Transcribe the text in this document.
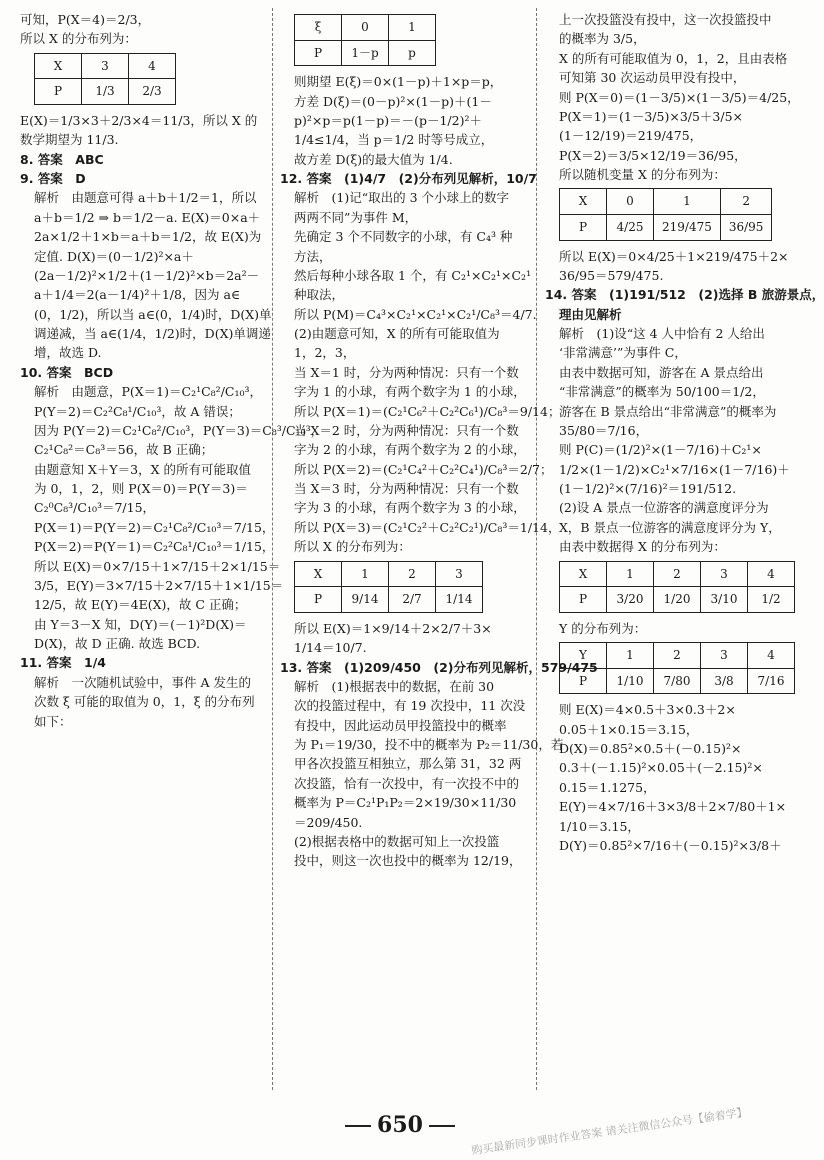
可知，P(X＝4)＝2/3，
所以 X 的分布列为：
X	3	4
P	1/3	2/3
E(X)＝1/3×3＋2/3×4＝11/3，所以 X 的
数学期望为 11/3.
8. 答案　ABC
9. 答案　D
解析　由题意可得 a＋b＋1/2＝1，所以
a＋b＝1/2 ⇒ b＝1/2－a. E(X)＝0×a＋
2a×1/2＋1×b＝a＋b＝1/2，故 E(X)为
定值. D(X)＝(0－1/2)²×a＋
(2a－1/2)²×1/2＋(1－1/2)²×b＝2a²－
a＋1/4＝2(a－1/4)²＋1/8，因为 a∈
(0，1/2)，所以当 a∈(0，1/4)时，D(X)单
调递减，当 a∈(1/4，1/2)时，D(X)单调递
增，故选 D.
10. 答案　BCD
解析　由题意，P(X＝1)＝C₂¹C₈²/C₁₀³，
P(Y＝2)＝C₂²C₈¹/C₁₀³，故 A 错误；
因为 P(Y＝2)＝C₂¹C₈²/C₁₀³，P(Y＝3)＝C₈³/C₁₀³，
C₂¹C₈²＝C₈³＝56，故 B 正确；
由题意知 X＋Y＝3，X 的所有可能取值
为 0，1，2，则 P(X＝0)＝P(Y＝3)＝
C₂⁰C₈³/C₁₀³＝7/15，
P(X＝1)＝P(Y＝2)＝C₂¹C₈²/C₁₀³＝7/15，
P(X＝2)＝P(Y＝1)＝C₂²C₈¹/C₁₀³＝1/15，
所以 E(X)＝0×7/15＋1×7/15＋2×1/15＝
3/5，E(Y)＝3×7/15＋2×7/15＋1×1/15＝
12/5，故 E(Y)＝4E(X)，故 C 正确；
由 Y＝3－X 知，D(Y)＝(－1)²D(X)＝
D(X)，故 D 正确. 故选 BCD.
11. 答案　1/4
解析　一次随机试验中，事件 A 发生的
次数 ξ 可能的取值为 0，1，ξ 的分布列
如下：
ξ	0	1
P	1－p	p
则期望 E(ξ)＝0×(1－p)＋1×p＝p，
方差 D(ξ)＝(0－p)²×(1－p)＋(1－
p)²×p＝p(1－p)＝－(p－1/2)²＋
1/4≤1/4，当 p＝1/2 时等号成立，
故方差 D(ξ)的最大值为 1/4.
12. 答案　(1)4/7　(2)分布列见解析，10/7
解析　(1)记“取出的 3 个小球上的数字
两两不同”为事件 M，
先确定 3 个不同数字的小球，有 C₄³ 种
方法，
然后每种小球各取 1 个，有 C₂¹×C₂¹×C₂¹
种取法，
所以 P(M)＝C₄³×C₂¹×C₂¹×C₂¹/C₈³＝4/7.
(2)由题意可知，X 的所有可能取值为
1，2，3，
当 X＝1 时，分为两种情况：只有一个数
字为 1 的小球，有两个数字为 1 的小球，
所以 P(X＝1)＝(C₂¹C₆²＋C₂²C₆¹)/C₈³＝9/14；
当 X＝2 时，分为两种情况：只有一个数
字为 2 的小球，有两个数字为 2 的小球，
所以 P(X＝2)＝(C₂¹C₄²＋C₂²C₄¹)/C₈³＝2/7；
当 X＝3 时，分为两种情况：只有一个数
字为 3 的小球，有两个数字为 3 的小球，
所以 P(X＝3)＝(C₂¹C₂²＋C₂²C₂¹)/C₈³＝1/14，
所以 X 的分布列为：
X	1	2	3
P	9/14	2/7	1/14
所以 E(X)＝1×9/14＋2×2/7＋3×
1/14＝10/7.
13. 答案　(1)209/450　(2)分布列见解析，579/475
解析　(1)根据表中的数据，在前 30
次的投篮过程中，有 19 次投中，11 次没
有投中，因此运动员甲投篮投中的概率
为 P₁＝19/30，投不中的概率为 P₂＝11/30，若
甲各次投篮互相独立，那么第 31，32 两
次投篮，恰有一次投中，有一次投不中的
概率为 P＝C₂¹P₁P₂＝2×19/30×11/30
＝209/450.
(2)根据表格中的数据可知上一次投篮
投中，则这一次也投中的概率为 12/19，
上一次投篮没有投中，这一次投篮投中
的概率为 3/5，
X 的所有可能取值为 0，1，2，且由表格
可知第 30 次运动员甲没有投中，
则 P(X＝0)＝(1－3/5)×(1－3/5)＝4/25，
P(X＝1)＝(1－3/5)×3/5＋3/5×
(1－12/19)＝219/475，
P(X＝2)＝3/5×12/19＝36/95，
所以随机变量 X 的分布列为：
X	0	1	2
P	4/25	219/475	36/95
所以 E(X)＝0×4/25＋1×219/475＋2×
36/95＝579/475.
14. 答案　(1)191/512　(2)选择 B 旅游景点，
理由见解析
解析　(1)设“这 4 人中恰有 2 人给出
‘非常满意’”为事件 C，
由表中数据可知，游客在 A 景点给出
“非常满意”的概率为 50/100＝1/2，
游客在 B 景点给出“非常满意”的概率为
35/80＝7/16，
则 P(C)＝(1/2)²×(1－7/16)＋C₂¹×
1/2×(1－1/2)×C₂¹×7/16×(1－7/16)＋
(1－1/2)²×(7/16)²＝191/512.
(2)设 A 景点一位游客的满意度评分为
X，B 景点一位游客的满意度评分为 Y，
由表中数据得 X 的分布列为：
X	1	2	3	4
P	3/20	1/20	3/10	1/2
Y 的分布列为：
Y	1	2	3	4
P	1/10	7/80	3/8	7/16
则 E(X)＝4×0.5＋3×0.3＋2×
0.05＋1×0.15＝3.15，
D(X)＝0.85²×0.5＋(－0.15)²×
0.3＋(－1.15)²×0.05＋(－2.15)²×
0.15＝1.1275，
E(Y)＝4×7/16＋3×3/8＋2×7/80＋1×
1/10＝3.15，
D(Y)＝0.85²×7/16＋(－0.15)²×3/8＋
650	购买最新同步课时作业答案 请关注微信公众号【偷着学】
